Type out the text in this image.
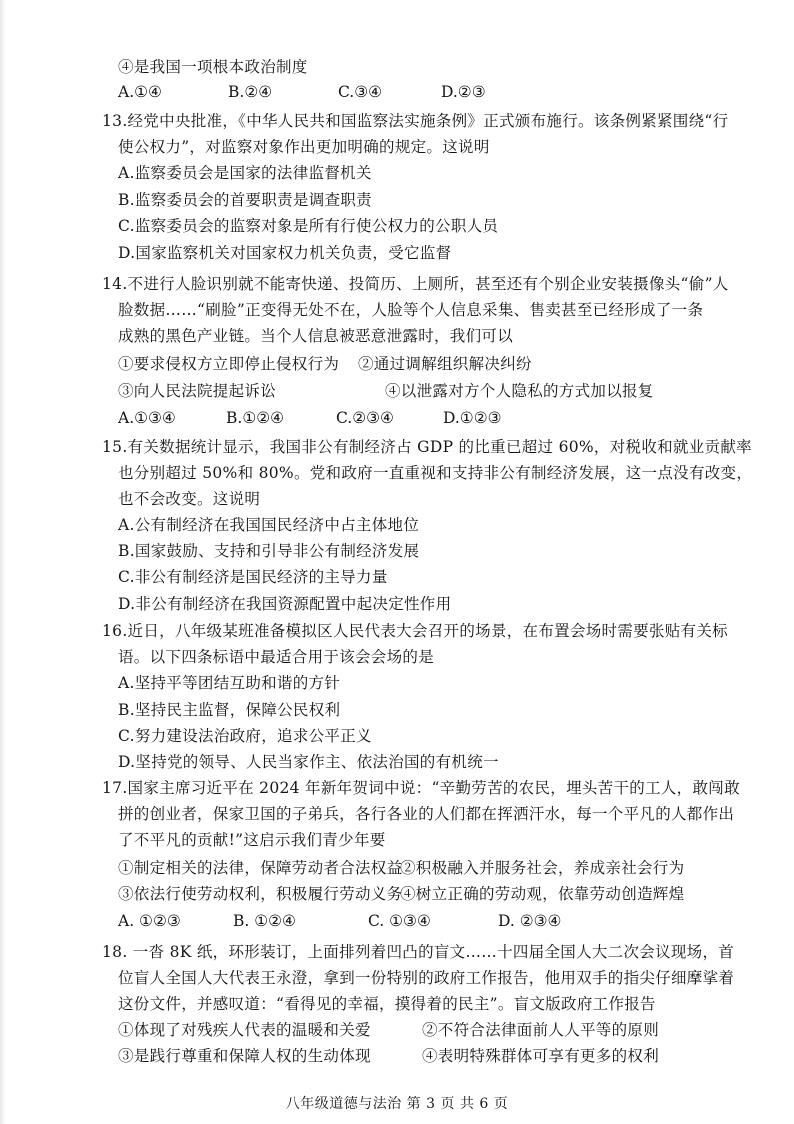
④是我国一项根本政治制度
A.①④	B.②④	C.③④	D.②③
13.经党中央批准，《中华人民共和国监察法实施条例》正式颁布施行。该条例紧紧围绕“行
使公权力”，对监察对象作出更加明确的规定。这说明
A.监察委员会是国家的法律监督机关
B.监察委员会的首要职责是调查职责
C.监察委员会的监察对象是所有行使公权力的公职人员
D.国家监察机关对国家权力机关负责，受它监督
14.不进行人脸识别就不能寄快递、投简历、上厕所，甚至还有个别企业安装摄像头“偷”人
脸数据……“刷脸”正变得无处不在，人脸等个人信息采集、售卖甚至已经形成了一条
成熟的黑色产业链。当个人信息被恶意泄露时，我们可以
①要求侵权方立即停止侵权行为 ②通过调解组织解决纠纷
③向人民法院提起诉讼	④以泄露对方个人隐私的方式加以报复
A.①③④	B.①②④	C.②③④	D.①②③
15.有关数据统计显示，我国非公有制经济占 GDP 的比重已超过 60%，对税收和就业贡献率
也分别超过 50%和 80%。党和政府一直重视和支持非公有制经济发展，这一点没有改变，
也不会改变。这说明
A.公有制经济在我国国民经济中占主体地位
B.国家鼓励、支持和引导非公有制经济发展
C.非公有制经济是国民经济的主导力量
D.非公有制经济在我国资源配置中起决定性作用
16.近日，八年级某班准备模拟区人民代表大会召开的场景，在布置会场时需要张贴有关标
语。以下四条标语中最适合用于该会会场的是
A.坚持平等团结互助和谐的方针
B.坚持民主监督，保障公民权利
C.努力建设法治政府，追求公平正义
D.坚持党的领导、人民当家作主、依法治国的有机统一
17.国家主席习近平在 2024 年新年贺词中说：“辛勤劳苦的农民，埋头苦干的工人，敢闯敢
拼的创业者，保家卫国的子弟兵，各行各业的人们都在挥洒汗水，每一个平凡的人都作出
了不平凡的贡献!”这启示我们青少年要
①制定相关的法律，保障劳动者合法权益
②积极融入并服务社会，养成亲社会行为
③依法行使劳动权利，积极履行劳动义务
④树立正确的劳动观，依靠劳动创造辉煌
A. ①②③	B. ①②④	C. ①③④	D. ②③④
18. 一沓 8K 纸，环形装订，上面排列着凹凸的盲文……十四届全国人大二次会议现场，首
位盲人全国人大代表王永澄，拿到一份特别的政府工作报告，他用双手的指尖仔细摩挲着
这份文件，并感叹道：“看得见的幸福，摸得着的民主”。盲文版政府工作报告
①体现了对残疾人代表的温暖和关爱	②不符合法律面前人人平等的原则
③是践行尊重和保障人权的生动体现	④表明特殊群体可享有更多的权利
八年级道德与法治 第 3 页 共 6 页
